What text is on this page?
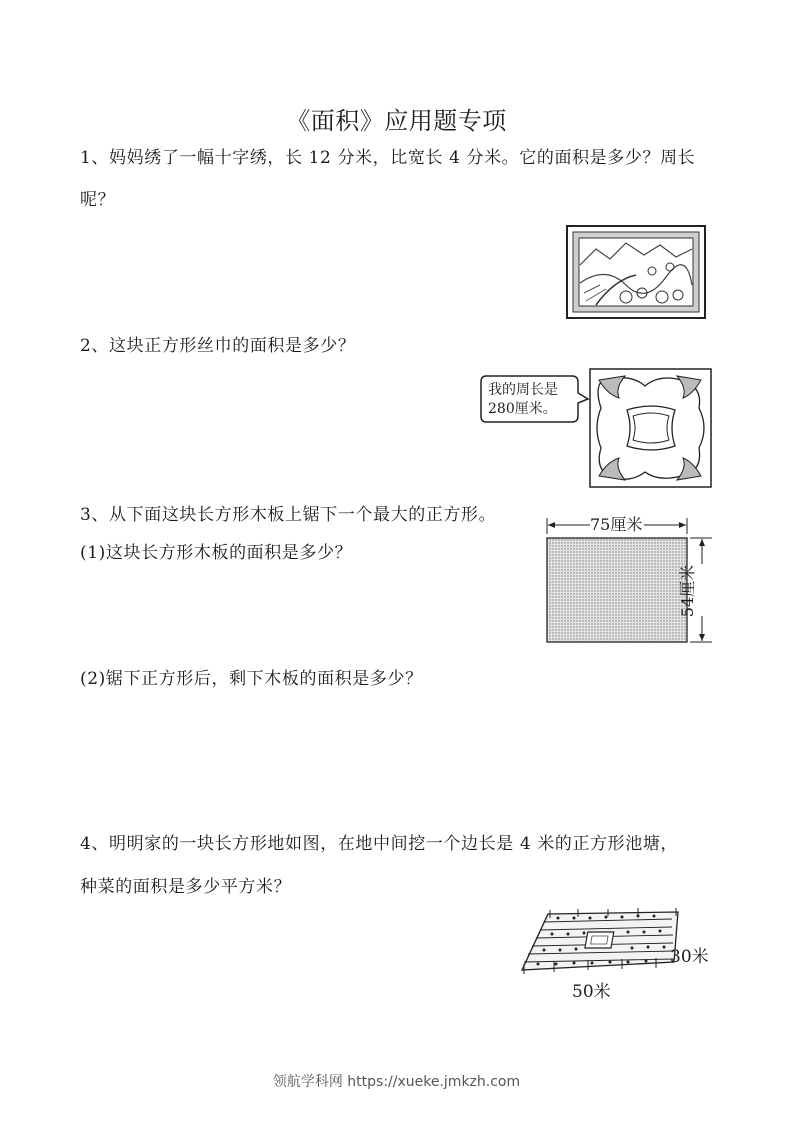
《面积》应用题专项
1、妈妈绣了一幅十字绣，长 12 分米，比宽长 4 分米。它的面积是多少？周长
呢？
2、这块正方形丝巾的面积是多少？
我的周长是
280厘米。
3、从下面这块长方形木板上锯下一个最大的正方形。
(1)这块长方形木板的面积是多少？
(2)锯下正方形后，剩下木板的面积是多少？
75厘米
54厘米
4、明明家的一块长方形地如图，在地中间挖一个边长是 4 米的正方形池塘，
种菜的面积是多少平方米？
30米
50米
领航学科网 https://xueke.jmkzh.com
